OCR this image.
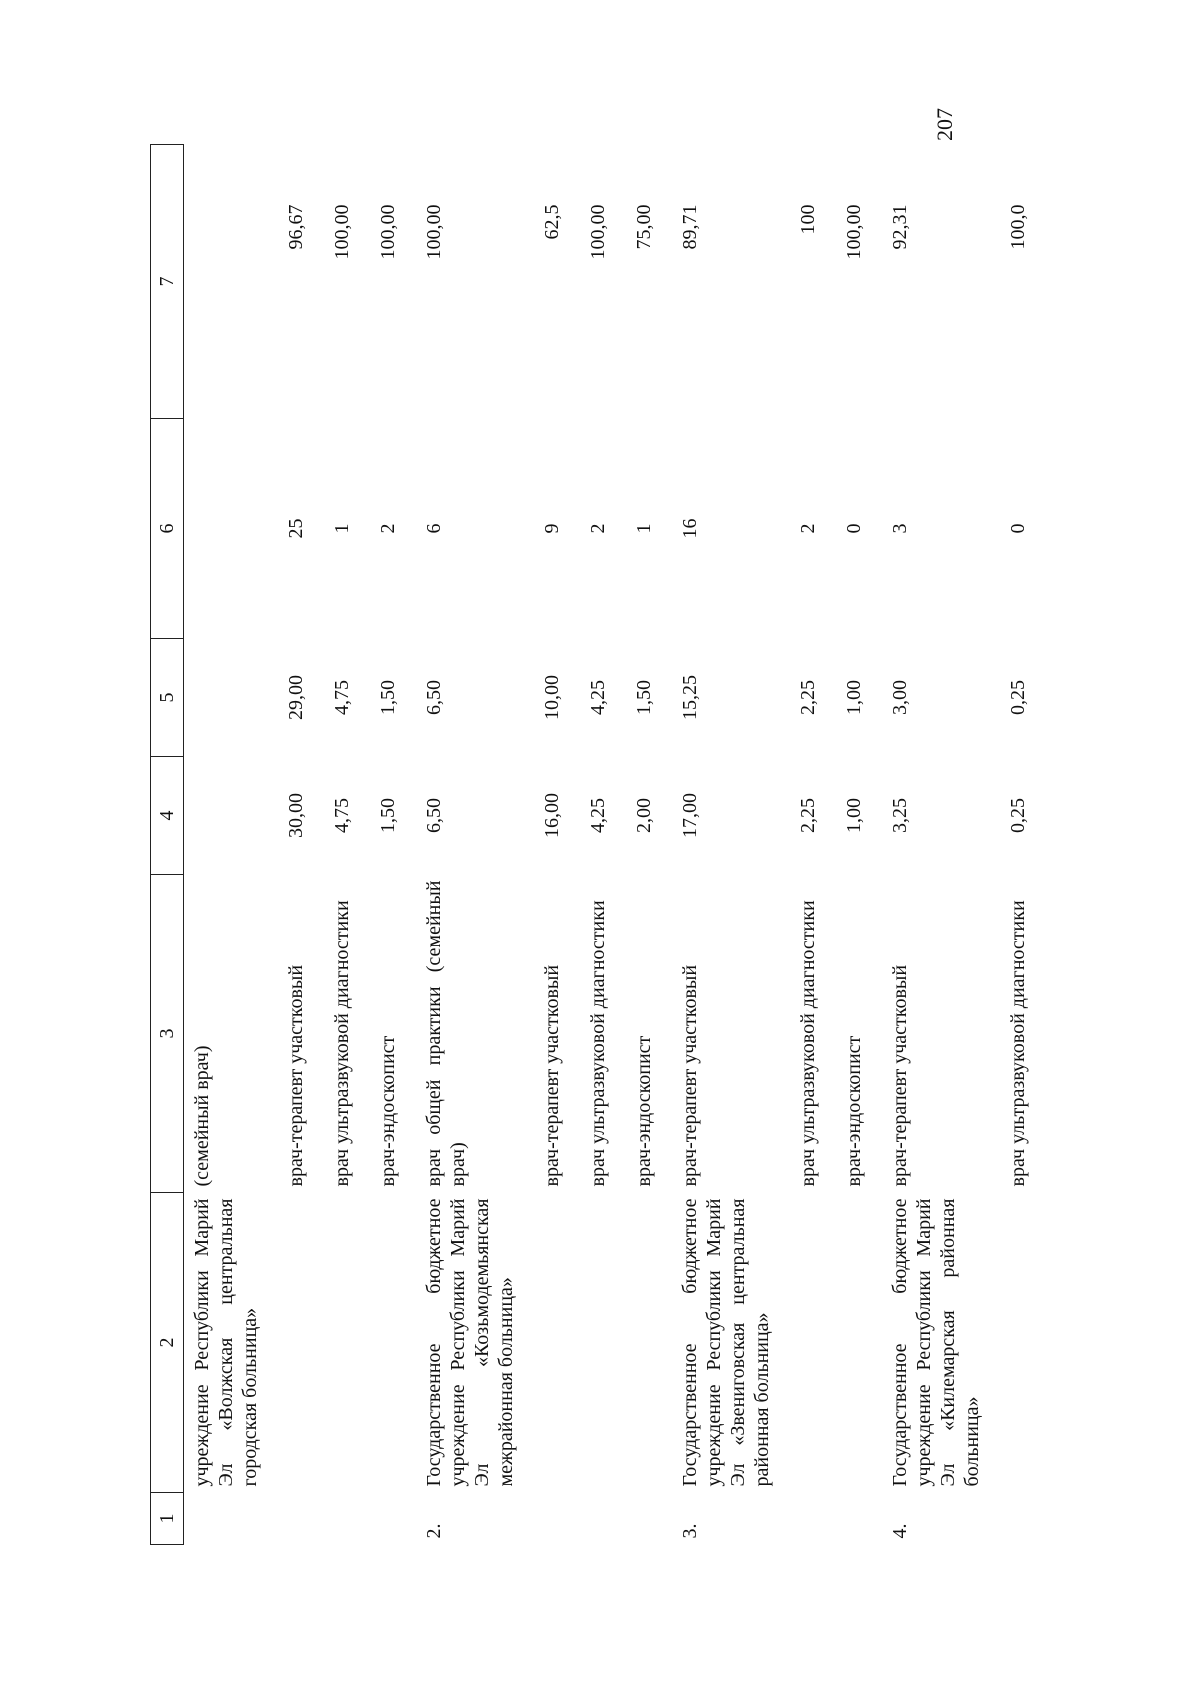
207
1	2	3	4	5	6	7
	учреждение Республики Марий Эл «Волжская центральная городская больница»	(семейный врач)				
		врач-терапевт участковый	30,00	29,00	25	96,67
		врач ультразвуковой диагностики	4,75	4,75	1	100,00
		врач-эндоскопист	1,50	1,50	2	100,00
2.	Государственное бюджетное учреждение Республики Марий Эл «Козьмодемьянская межрайонная больница»	врач общей практики (семейный врач)	6,50	6,50	6	100,00
		врач-терапевт участковый	16,00	10,00	9	62,5
		врач ультразвуковой диагностики	4,25	4,25	2	100,00
		врач-эндоскопист	2,00	1,50	1	75,00
3.	Государственное бюджетное учреждение Республики Марий Эл «Звениговская центральная районная больница»	врач-терапевт участковый	17,00	15,25	16	89,71
		врач ультразвуковой диагностики	2,25	2,25	2	100
		врач-эндоскопист	1,00	1,00	0	100,00
4.	Государственное бюджетное учреждение Республики Марий Эл «Килемарская районная больница»	врач-терапевт участковый	3,25	3,00	3	92,31
		врач ультразвуковой диагностики	0,25	0,25	0	100,0
